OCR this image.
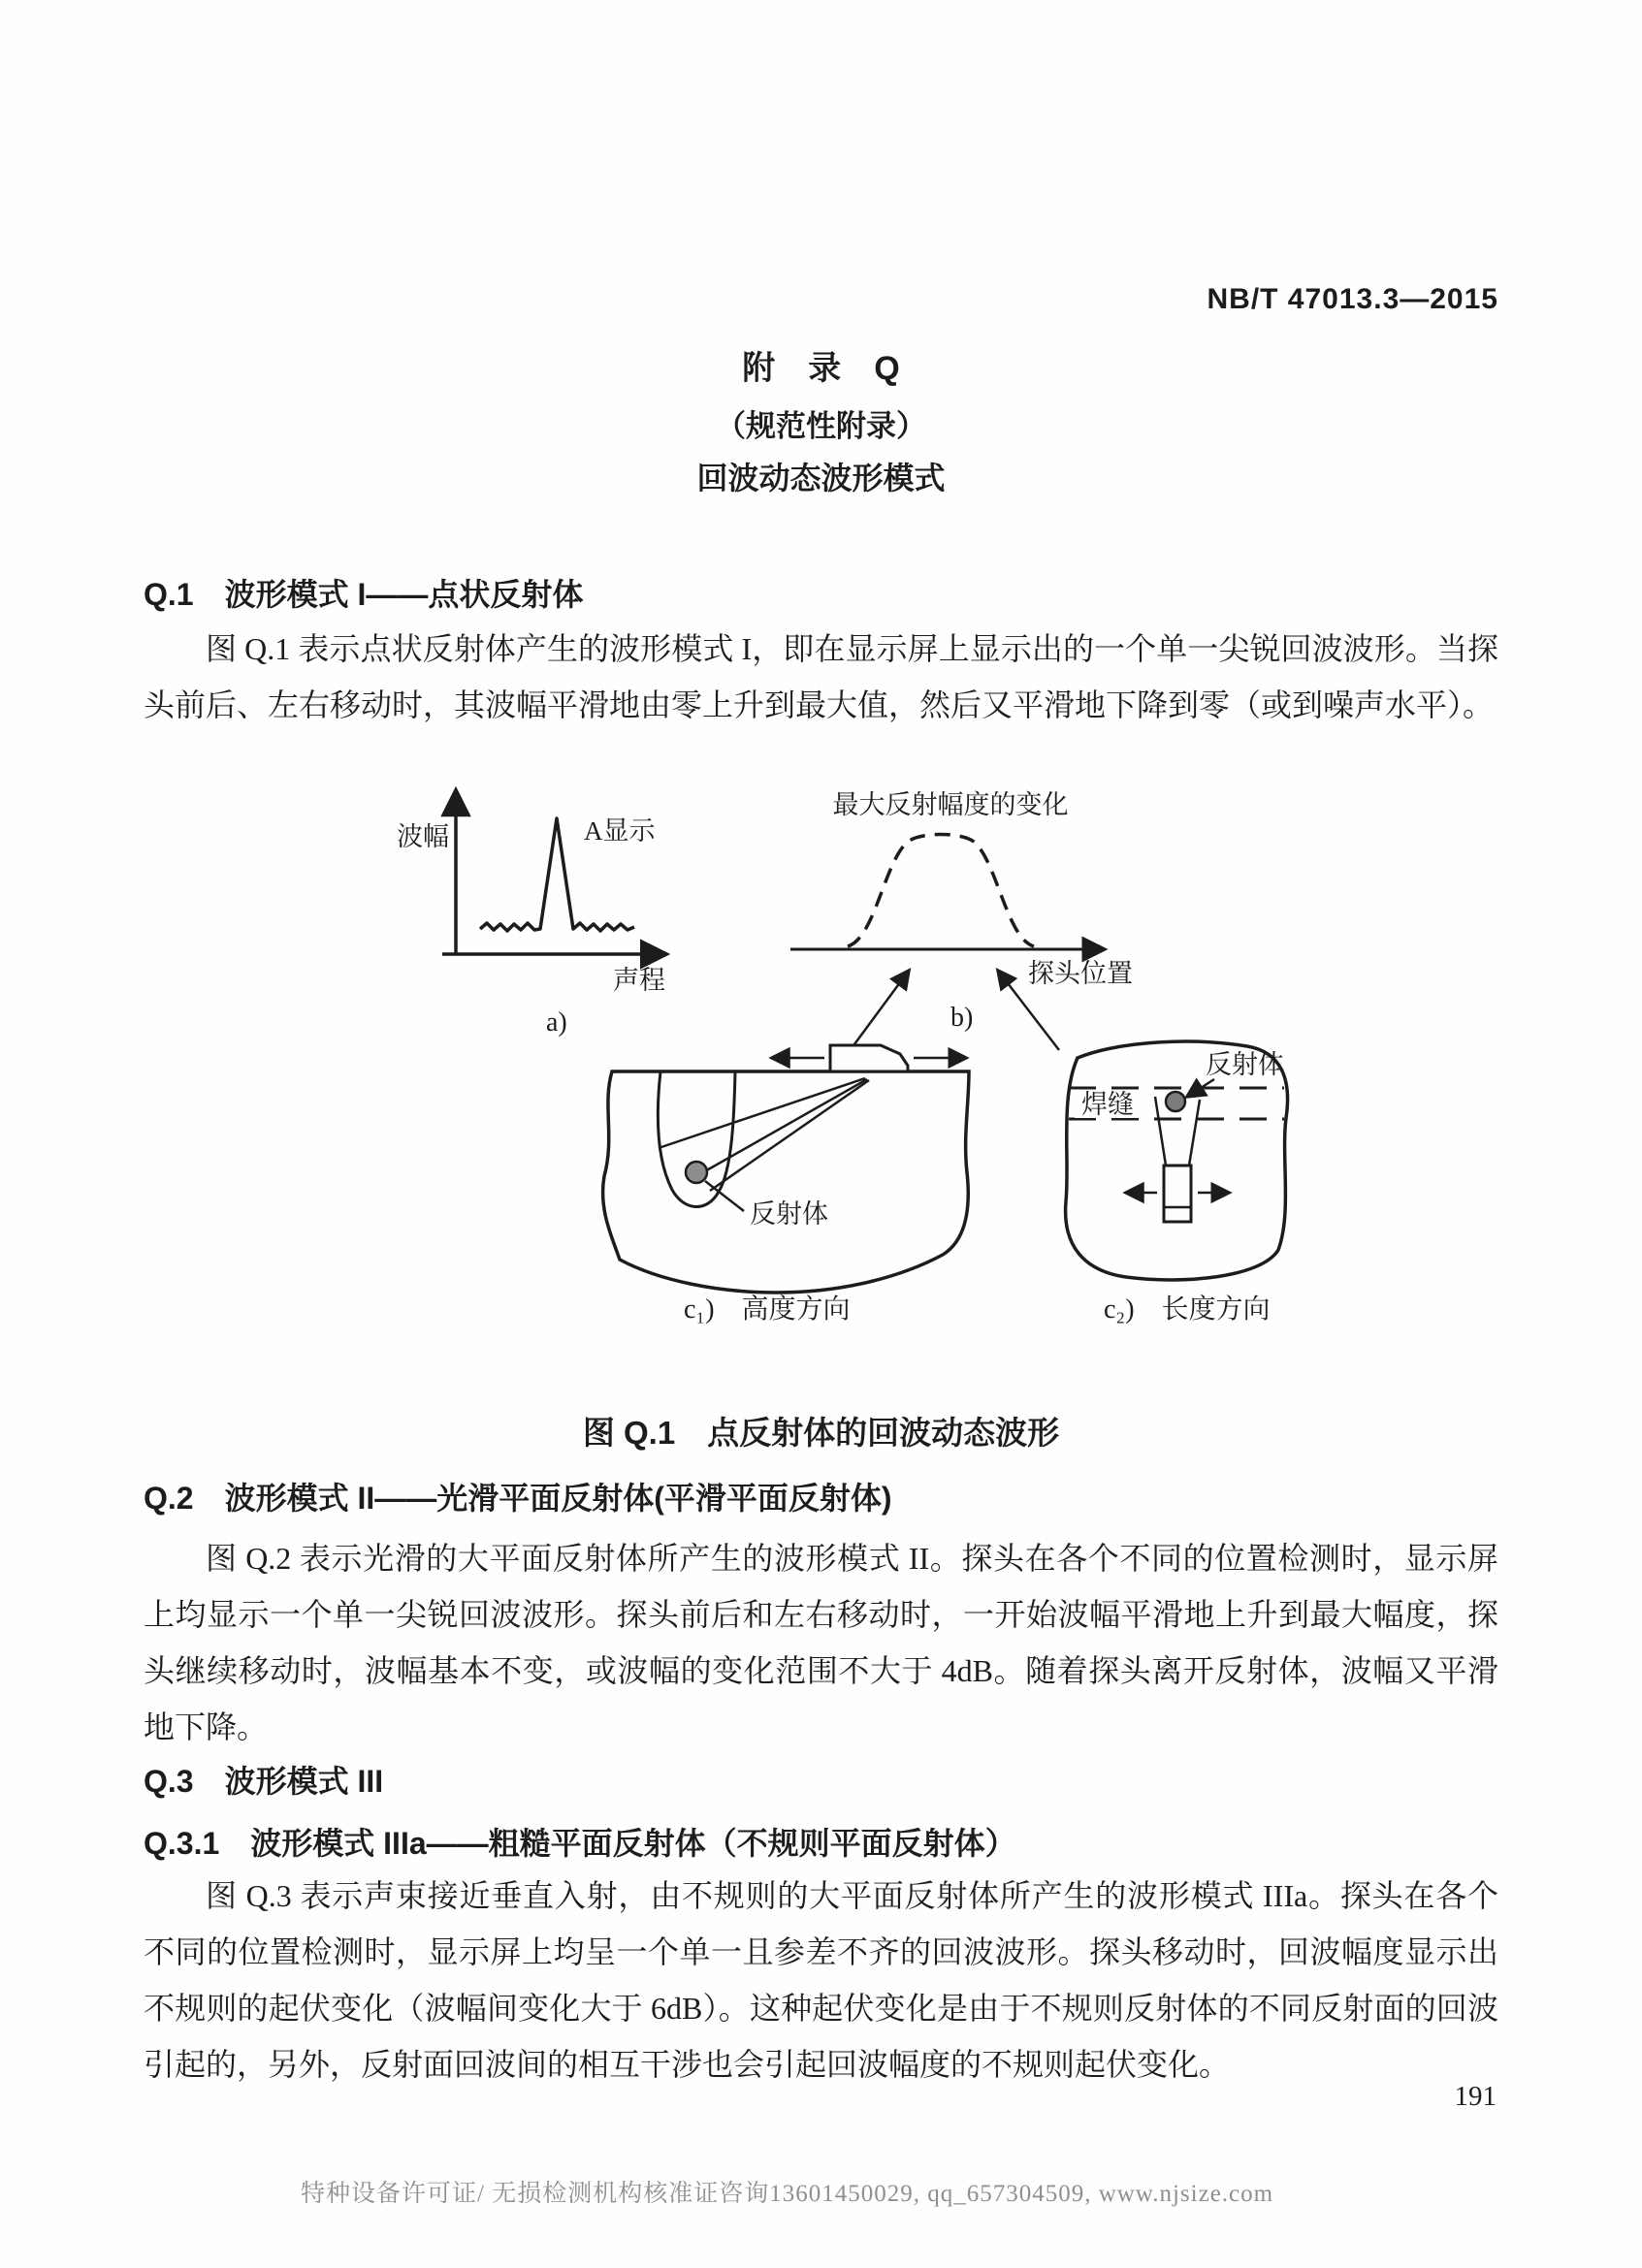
NB/T 47013.3—2015
附　录　Q
（规范性附录）
回波动态波形模式
Q.1　波形模式 I——点状反射体

图 Q.1 表示点状反射体产生的波形模式 I，即在显示屏上显示出的一个单一尖锐回波波形。当探头前后、左右移动时，其波幅平滑地由零上升到最大值，然后又平滑地下降到零（或到噪声水平）。

波幅	A显示
声程
a)
最大反射幅度的变化
探头位置
b)
反射体
c₁)　高度方向
焊缝
反射体
c₂)　长度方向
图 Q.1　点反射体的回波动态波形
Q.2　波形模式 II——光滑平面反射体(平滑平面反射体)

图 Q.2 表示光滑的大平面反射体所产生的波形模式 II。探头在各个不同的位置检测时，显示屏上均显示一个单一尖锐回波波形。探头前后和左右移动时，一开始波幅平滑地上升到最大幅度，探头继续移动时，波幅基本不变，或波幅的变化范围不大于 4dB。随着探头离开反射体，波幅又平滑地下降。

Q.3　波形模式 III
Q.3.1　波形模式 IIIa——粗糙平面反射体（不规则平面反射体）

图 Q.3 表示声束接近垂直入射，由不规则的大平面反射体所产生的波形模式 IIIa。探头在各个不同的位置检测时，显示屏上均呈一个单一且参差不齐的回波波形。探头移动时，回波幅度显示出不规则的起伏变化（波幅间变化大于 6dB）。这种起伏变化是由于不规则反射体的不同反射面的回波引起的，另外，反射面回波间的相互干涉也会引起回波幅度的不规则起伏变化。

191
特种设备许可证/ 无损检测机构核准证咨询13601450029, qq_657304509, www.njsize.com
